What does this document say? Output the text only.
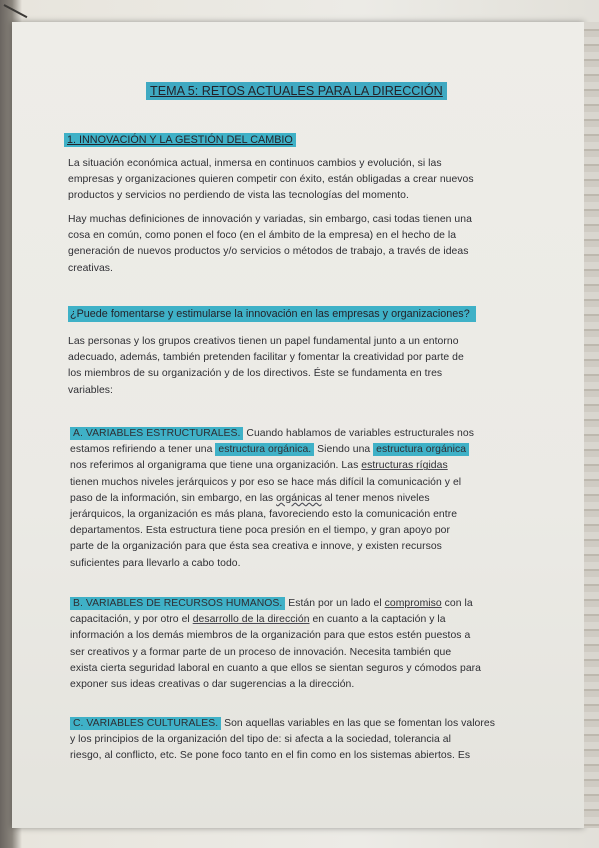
TEMA 5: RETOS ACTUALES PARA LA DIRECCIÓN
1. INNOVACIÓN Y LA GESTIÓN DEL CAMBIO
La situación económica actual, inmersa en continuos cambios y evolución, si las
empresas y organizaciones quieren competir con éxito, están obligadas a crear nuevos
productos y servicios no perdiendo de vista las tecnologías del momento.
Hay muchas definiciones de innovación y variadas, sin embargo, casi todas tienen una
cosa en común, como ponen el foco (en el ámbito de la empresa) en el hecho de la
generación de nuevos productos y/o servicios o métodos de trabajo, a través de ideas
creativas.
¿Puede fomentarse y estimularse la innovación en las empresas y organizaciones?
Las personas y los grupos creativos tienen un papel fundamental junto a un entorno
adecuado, además, también pretenden facilitar y fomentar la creatividad por parte de
los miembros de su organización y de los directivos. Éste se fundamenta en tres
variables:
A. VARIABLES ESTRUCTURALES. Cuando hablamos de variables estructurales nos
estamos refiriendo a tener una estructura orgánica. Siendo una estructura orgánica
nos referimos al organigrama que tiene una organización. Las estructuras rígidas
tienen muchos niveles jerárquicos y por eso se hace más difícil la comunicación y el
paso de la información, sin embargo, en las orgánicas al tener menos niveles
jerárquicos, la organización es más plana, favoreciendo esto la comunicación entre
departamentos. Esta estructura tiene poca presión en el tiempo, y gran apoyo por
parte de la organización para que ésta sea creativa e innove, y existen recursos
suficientes para llevarlo a cabo todo.
B. VARIABLES DE RECURSOS HUMANOS. Están por un lado el compromiso con la
capacitación, y por otro el desarrollo de la dirección en cuanto a la captación y la
información a los demás miembros de la organización para que estos estén puestos a
ser creativos y a formar parte de un proceso de innovación. Necesita también que
exista cierta seguridad laboral en cuanto a que ellos se sientan seguros y cómodos para
exponer sus ideas creativas o dar sugerencias a la dirección.
C. VARIABLES CULTURALES. Son aquellas variables en las que se fomentan los valores
y los principios de la organización del tipo de: si afecta a la sociedad, tolerancia al
riesgo, al conflicto, etc. Se pone foco tanto en el fin como en los sistemas abiertos. Es
